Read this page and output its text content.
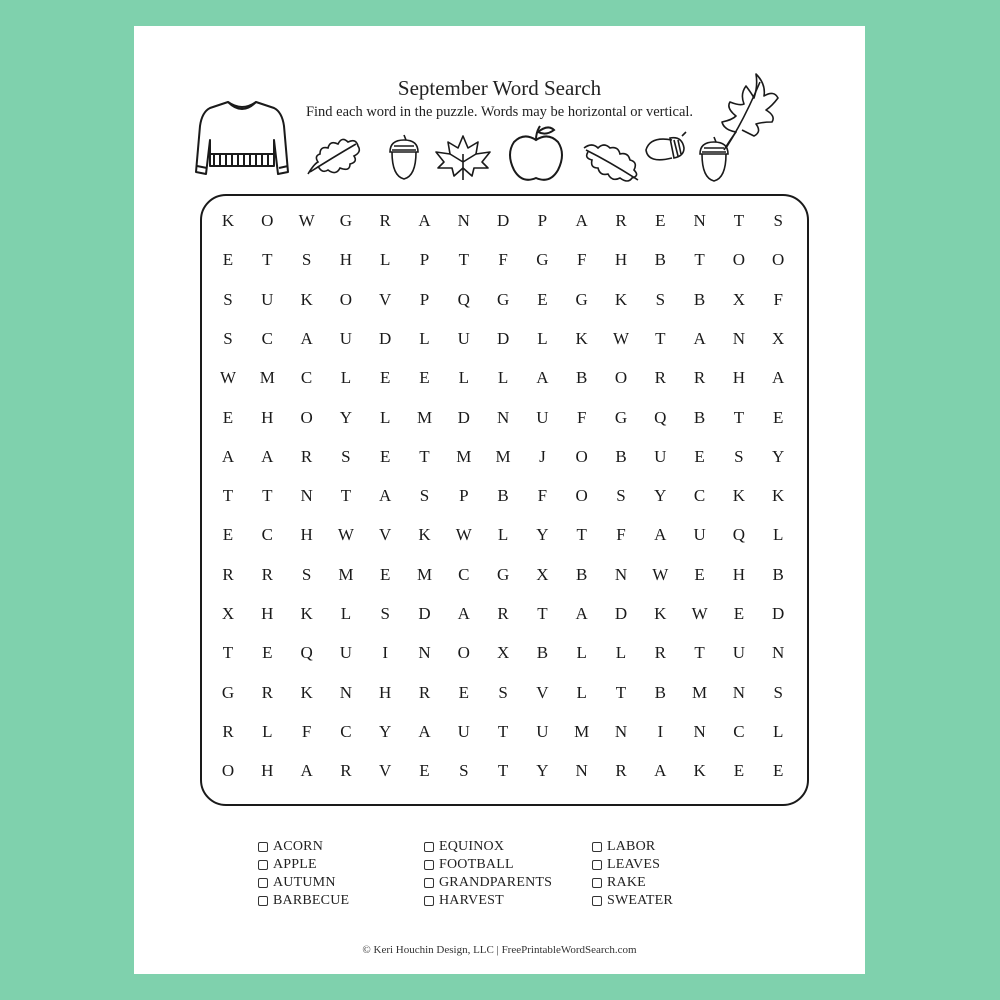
September Word Search
Find each word in the puzzle. Words may be horizontal or vertical.
K	O	W	G	R	A	N	D	P	A	R	E	N	T	S
E	T	S	H	L	P	T	F	G	F	H	B	T	O	O
S	U	K	O	V	P	Q	G	E	G	K	S	B	X	F
S	C	A	U	D	L	U	D	L	K	W	T	A	N	X
W	M	C	L	E	E	L	L	A	B	O	R	R	H	A
E	H	O	Y	L	M	D	N	U	F	G	Q	B	T	E
A	A	R	S	E	T	M	M	J	O	B	U	E	S	Y
T	T	N	T	A	S	P	B	F	O	S	Y	C	K	K
E	C	H	W	V	K	W	L	Y	T	F	A	U	Q	L
R	R	S	M	E	M	C	G	X	B	N	W	E	H	B
X	H	K	L	S	D	A	R	T	A	D	K	W	E	D
T	E	Q	U	I	N	O	X	B	L	L	R	T	U	N
G	R	K	N	H	R	E	S	V	L	T	B	M	N	S
R	L	F	C	Y	A	U	T	U	M	N	I	N	C	L
O	H	A	R	V	E	S	T	Y	N	R	A	K	E	E
ACORN
APPLE
AUTUMN
BARBECUE
EQUINOX
FOOTBALL
GRANDPARENTS
HARVEST
LABOR
LEAVES
RAKE
SWEATER
© Keri Houchin Design, LLC | FreePrintableWordSearch.com
